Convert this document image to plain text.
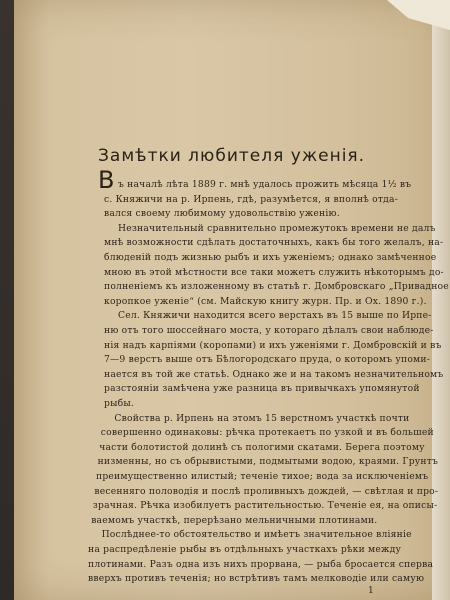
Замѣтки любителя уженія.
В ъ началѣ лѣта 1889 г. мнѣ удалось прожить мѣсяца 1½ въ
с. Княжичи на р. Ирпень, гдѣ, разумѣется, я вполнѣ отда-
вался своему любимому удовольствію уженію.
Незначительный сравнительно промежутокъ времени не далъ
мнѣ возможности сдѣлать достаточныхъ, какъ бы того желалъ, на-
блюденій подъ жизнью рыбъ и ихъ уженіемъ; однако замѣченное
мною въ этой мѣстности все таки можетъ служить нѣкоторымъ до-
полненіемъ къ изложенному въ статьѣ г. Домбровскаго „Приваднoе
корoпкое уженіе“ (см. Майскую книгу журн. Пр. и Ох. 1890 г.).
Сел. Княжичи находится всего верстахъ въ 15 выше по Ирпе-
ню отъ того шоссейнаго моста, у котораго дѣлалъ свои наблюде-
нія надъ карпіями (коропами) и ихъ уженіями г. Домбровскій и въ
7—9 верстъ выше отъ Бѣлогородскаго пруда, о которомъ упоми-
нается въ той же статьѣ. Однако же и на такомъ незначительномъ
разстояніи замѣчена уже разница въ привычкахъ упомянутой
рыбы.
Свойства р. Ирпень на этомъ 15 верстномъ участкѣ почти
совершенно одинаковы: рѣчка протекаетъ по узкой и въ большей
части болотистой долинѣ съ пологими скатами. Берега поэтому
низменны, но съ обрывистыми, подмытыми водою, краями. Грунтъ
преимущественно илистый; теченіе тихое; вода за исключеніемъ
весенняго половодія и послѣ проливныхъ дождей, — свѣтлая и про-
зрачная. Рѣчка изобилуетъ растительностью. Теченіе ея, на описы-
ваемомъ участкѣ, перерѣзано мельничными плотинами.
Послѣднее-то обстоятельство и имѣетъ значительное вліяніе
на распредѣленіе рыбы въ отдѣльныхъ участкахъ рѣки между
плотинами. Разъ одна изъ нихъ прорвана, — рыба бросается сперва
вверхъ противъ теченія; но встрѣтивъ тамъ мелководіе или самую
1
